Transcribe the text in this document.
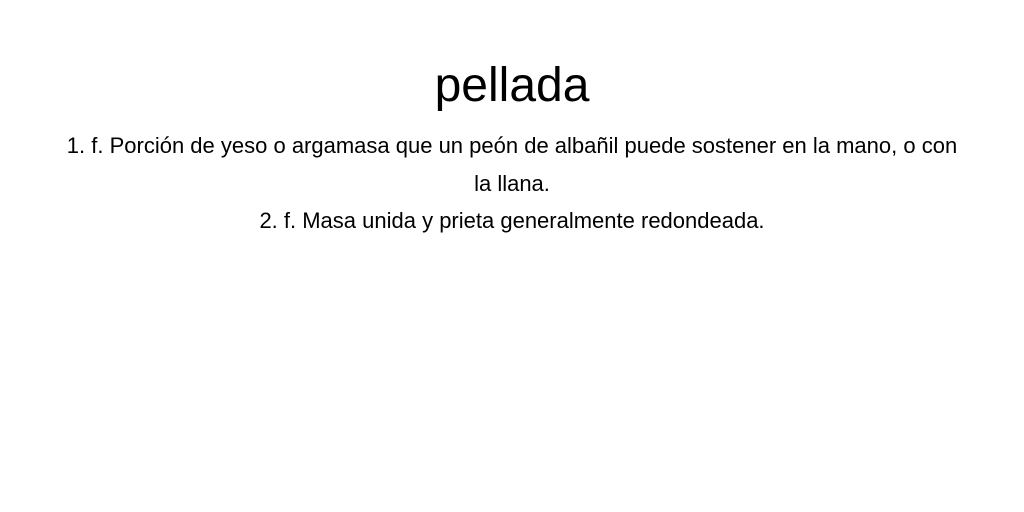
pellada

1. f. Porción de yeso o argamasa que un peón de albañil puede sostener en la mano, o con la llana.

2. f. Masa unida y prieta generalmente redondeada.
